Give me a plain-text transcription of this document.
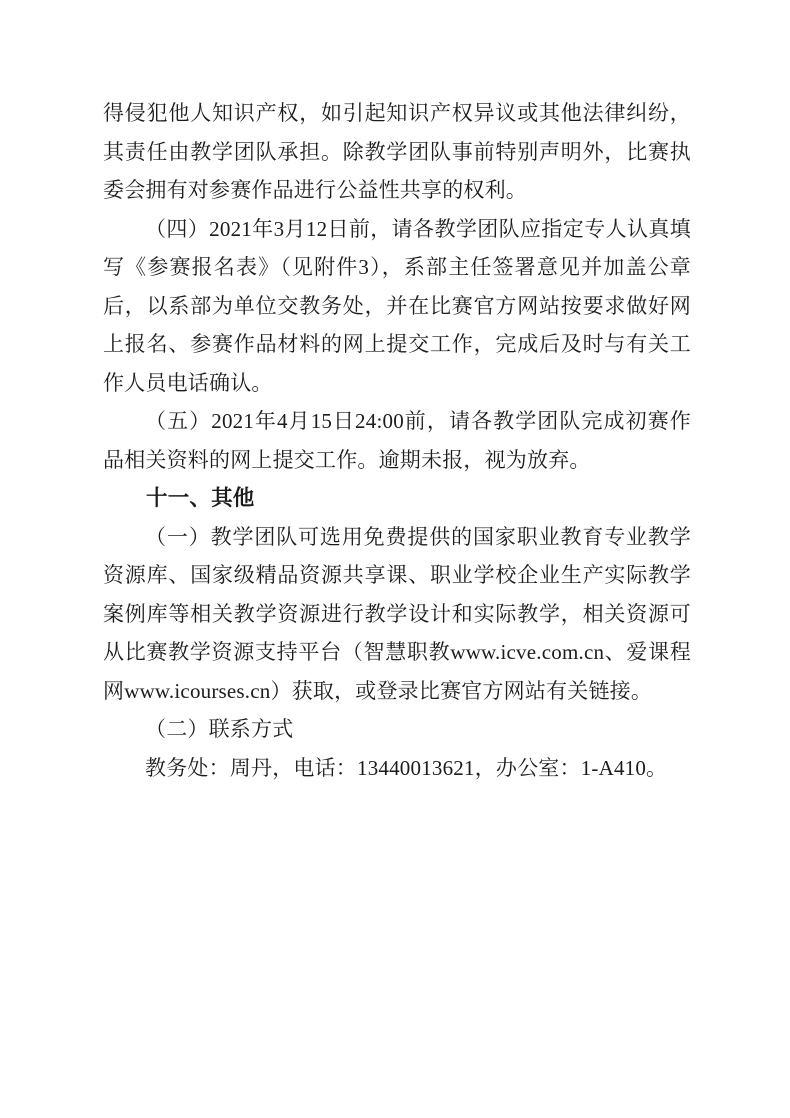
得侵犯他人知识产权，如引起知识产权异议或其他法律纠纷，其责任由教学团队承担。除教学团队事前特别声明外，比赛执委会拥有对参赛作品进行公益性共享的权利。

（四）2021年3月12日前，请各教学团队应指定专人认真填写《参赛报名表》（见附件3），系部主任签署意见并加盖公章后，以系部为单位交教务处，并在比赛官方网站按要求做好网上报名、参赛作品材料的网上提交工作，完成后及时与有关工作人员电话确认。

（五）2021年4月15日24:00前，请各教学团队完成初赛作品相关资料的网上提交工作。逾期未报，视为放弃。

十一、其他

（一）教学团队可选用免费提供的国家职业教育专业教学资源库、国家级精品资源共享课、职业学校企业生产实际教学案例库等相关教学资源进行教学设计和实际教学，相关资源可从比赛教学资源支持平台（智慧职教www.icve.com.cn、爱课程网www.icourses.cn）获取，或登录比赛官方网站有关链接。

（二）联系方式

教务处：周丹，电话：13440013621，办公室：1-A410。
